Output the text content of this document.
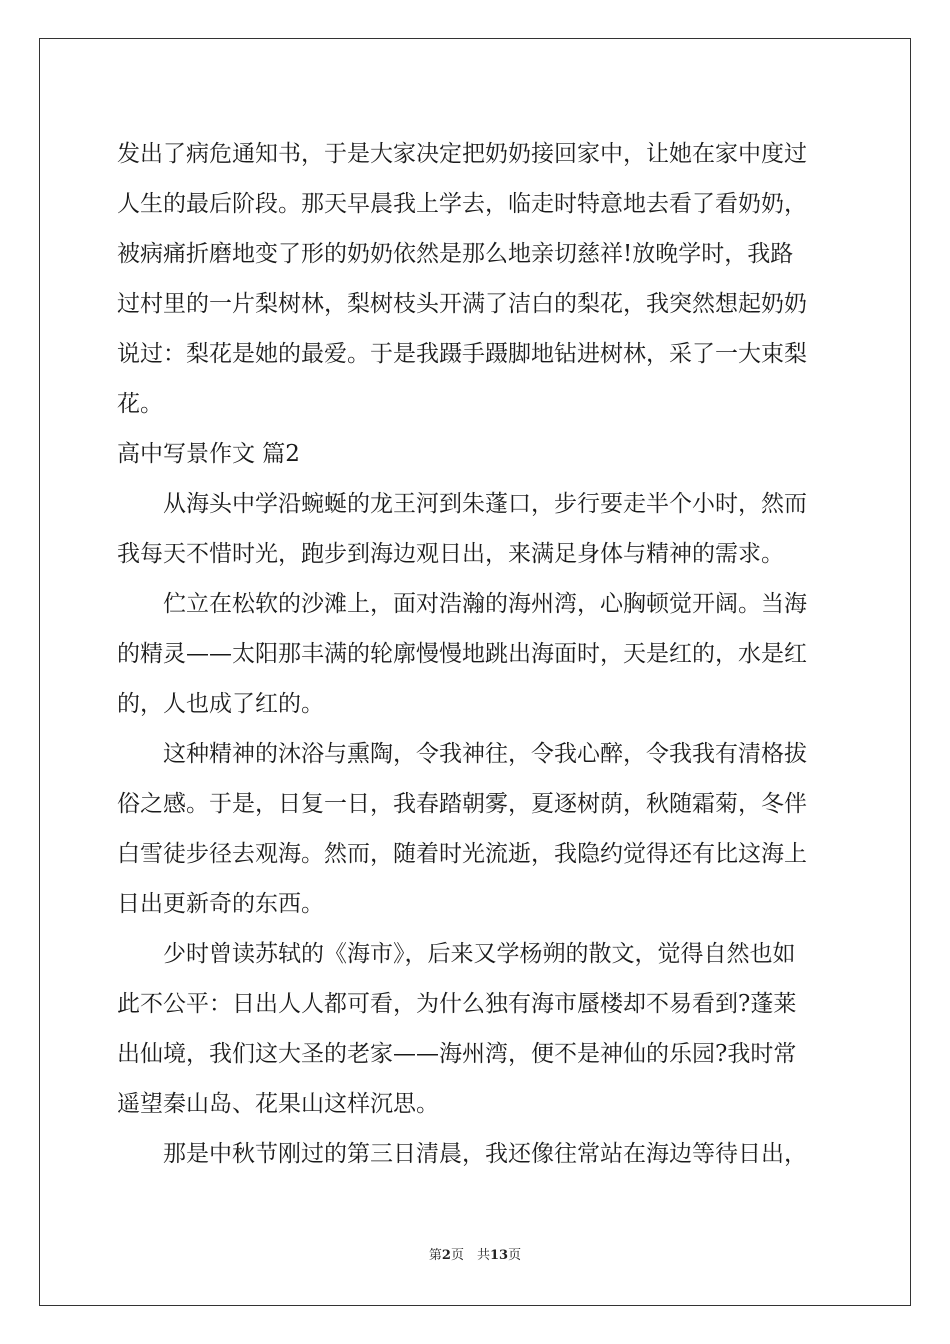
发出了病危通知书，于是大家决定把奶奶接回家中，让她在家中度过
人生的最后阶段。那天早晨我上学去，临走时特意地去看了看奶奶，
被病痛折磨地变了形的奶奶依然是那么地亲切慈祥!放晚学时，我路
过村里的一片梨树林，梨树枝头开满了洁白的梨花，我突然想起奶奶
说过：梨花是她的最爱。于是我蹑手蹑脚地钻进树林，采了一大束梨
花。
高中写景作文 篇2
从海头中学沿蜿蜒的龙王河到朱蓬口，步行要走半个小时，然而
我每天不惜时光，跑步到海边观日出，来满足身体与精神的需求。
伫立在松软的沙滩上，面对浩瀚的海州湾，心胸顿觉开阔。当海
的精灵——太阳那丰满的轮廓慢慢地跳出海面时，天是红的，水是红
的，人也成了红的。
这种精神的沐浴与熏陶，令我神往，令我心醉，令我我有清格拔
俗之感。于是，日复一日，我春踏朝雾，夏逐树荫，秋随霜菊，冬伴
白雪徒步径去观海。然而，随着时光流逝，我隐约觉得还有比这海上
日出更新奇的东西。
少时曾读苏轼的《海市》，后来又学杨朔的散文，觉得自然也如
此不公平：日出人人都可看，为什么独有海市蜃楼却不易看到?蓬莱
出仙境，我们这大圣的老家——海州湾，便不是神仙的乐园?我时常
遥望秦山岛、花果山这样沉思。
那是中秋节刚过的第三日清晨，我还像往常站在海边等待日出，
第2页　共13页
